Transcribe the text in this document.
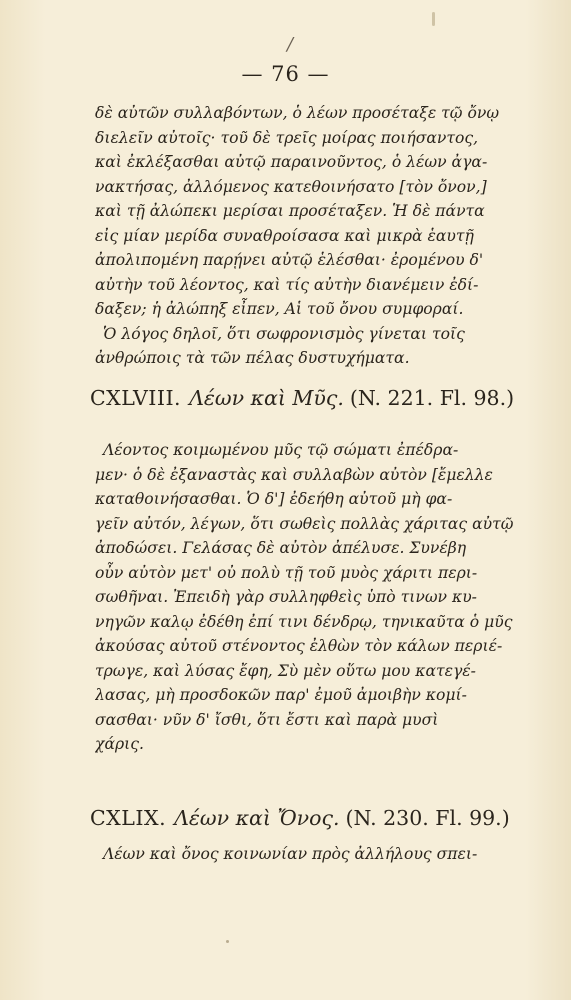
/
— 76 —
δὲ αὐτῶν συλλαβόντων, ὁ λέων προσέταξε τῷ ὄνῳ
διελεῖν αὐτοῖς· τοῦ δὲ τρεῖς μοίρας ποιήσαντος,
καὶ ἐκλέξασθαι αὐτῷ παραινοῦντος, ὁ λέων ἀγα-
νακτήσας, ἀλλόμενος κατεθοινήσατο [τὸν ὄνον,]
καὶ τῇ ἀλώπεκι μερίσαι προσέταξεν. Ἡ δὲ πάντα
εἰς μίαν μερίδα συναθροίσασα καὶ μικρὰ ἑαυτῇ
ἀπολιπομένη παρῄνει αὐτῷ ἑλέσθαι· ἐρομένου δ'
αὐτὴν τοῦ λέοντος, καὶ τίς αὐτὴν διανέμειν ἐδί-
δαξεν; ἡ ἀλώπηξ εἶπεν, Αἱ τοῦ ὄνου συμφοραί.
Ὁ λόγος δηλοῖ, ὅτι σωφρονισμὸς γίνεται τοῖς
ἀνθρώποις τὰ τῶν πέλας δυστυχήματα.
CXLVIII. Λέων καὶ Μῦς. (N. 221. Fl. 98.)
Λέοντος κοιμωμένου μῦς τῷ σώματι ἐπέδρα-
μεν· ὁ δὲ ἐξαναστὰς καὶ συλλαβὼν αὐτὸν [ἔμελλε
καταθοινήσασθαι. Ὁ δ'] ἐδεήθη αὐτοῦ μὴ φα-
γεῖν αὐτόν, λέγων, ὅτι σωθεὶς πολλὰς χάριτας αὐτῷ
ἀποδώσει. Γελάσας δὲ αὐτὸν ἀπέλυσε. Συνέβη
οὖν αὐτὸν μετ' οὐ πολὺ τῇ τοῦ μυὸς χάριτι περι-
σωθῆναι. Ἐπειδὴ γὰρ συλληφθεὶς ὑπὸ τινων κυ-
νηγῶν καλῳ ἐδέθη ἐπί τινι δένδρῳ, τηνικαῦτα ὁ μῦς
ἀκούσας αὐτοῦ στένοντος ἐλθὼν τὸν κάλων περιέ-
τρωγε, καὶ λύσας ἔφη, Σὺ μὲν οὕτω μου κατεγέ-
λασας, μὴ προσδοκῶν παρ' ἐμοῦ ἀμοιβὴν κομί-
σασθαι· νῦν δ' ἴσθι, ὅτι ἔστι καὶ παρὰ μυσὶ
χάρις.
CXLIX. Λέων καὶ Ὄνος. (N. 230. Fl. 99.)
Λέων καὶ ὄνος κοινωνίαν πρὸς ἀλλήλους σπει-
